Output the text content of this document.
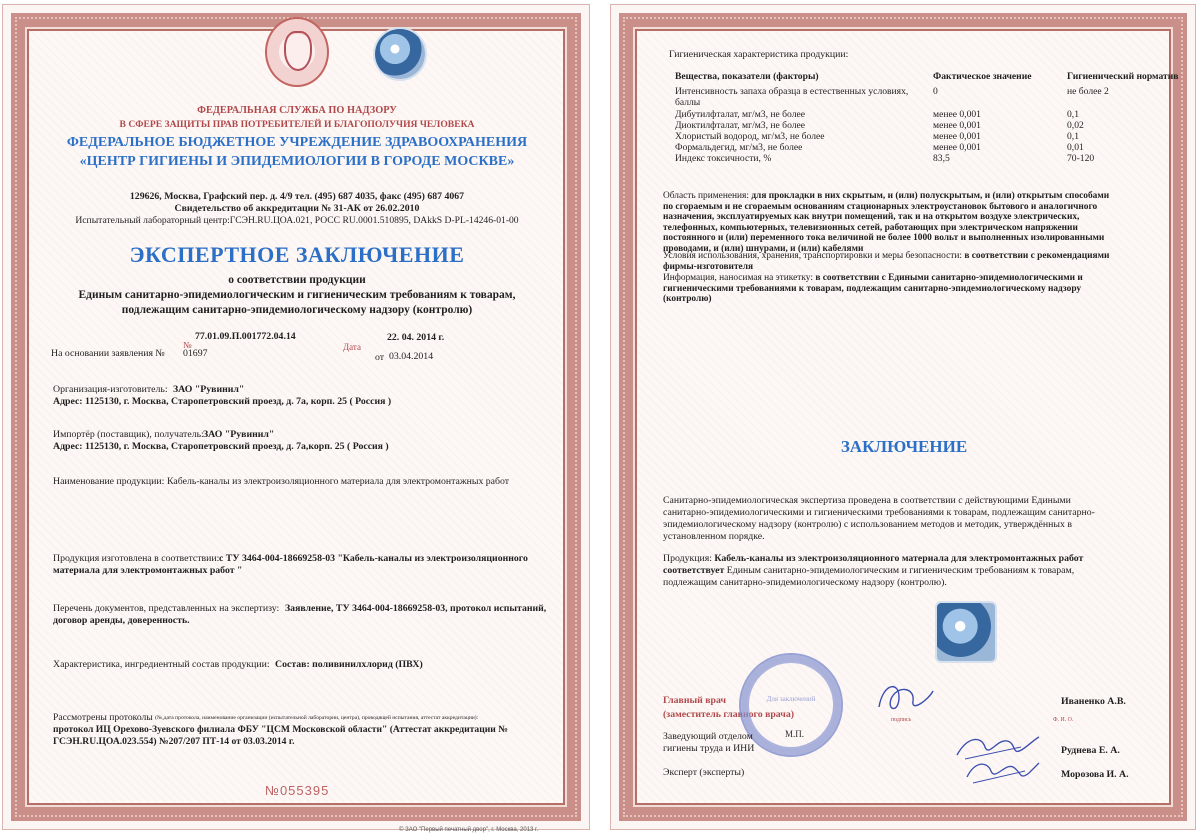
ФЕДЕРАЛЬНАЯ СЛУЖБА ПО НАДЗОРУ
В СФЕРЕ ЗАЩИТЫ ПРАВ ПОТРЕБИТЕЛЕЙ И БЛАГОПОЛУЧИЯ ЧЕЛОВЕКА
ФЕДЕРАЛЬНОЕ БЮДЖЕТНОЕ УЧРЕЖДЕНИЕ ЗДРАВООХРАНЕНИЯ
«ЦЕНТР ГИГИЕНЫ И ЭПИДЕМИОЛОГИИ В ГОРОДЕ МОСКВЕ»
129626, Москва, Графский пер. д. 4/9 тел. (495) 687 4035, факс (495) 687 4067
Свидетельство об аккредитации № 31-АК от 26.02.2010
Испытательный лабораторный центр:ГСЭН.RU.ЦОА.021, РОСС RU.0001.510895, DAkkS D-PL-14246-01-00
ЭКСПЕРТНОЕ ЗАКЛЮЧЕНИЕ
о соответствии продукции
Единым санитарно-эпидемиологическим и гигиеническим требованиям к товарам,
подлежащим санитарно-эпидемиологическому надзору (контролю)
№
77.01.09.П.001772.04.14
Дата
22. 04. 2014 г.
На основании заявления № 01697	от 03.04.2014
Организация-изготовитель: ЗАО "Рувинил"
Адрес: 1125130, г. Москва, Старопетровский проезд, д. 7а, корп. 25 ( Россия )
Импортёр (поставщик), получатель: ЗАО "Рувинил"
Адрес: 1125130, г. Москва, Старопетровский проезд, д. 7а,корп. 25 ( Россия )
Наименование продукции: Кабель-каналы из электроизоляционного материала для электромонтажных работ
Продукция изготовлена в соответствии: с ТУ 3464-004-18669258-03 "Кабель-каналы из электроизоляционного
материала для электромонтажных работ "
Перечень документов, представленных на экспертизу: Заявление, ТУ 3464-004-18669258-03, протокол испытаний,
договор аренды, доверенность.
Характеристика, ингредиентный состав продукции: Состав: поливинилхлорид (ПВХ)
Рассмотрены протоколы (№,дата протокола, наименование организации (испытательной лаборатории, центра), проводящей испытания, аттестат аккредитации):
протокол ИЦ Орехово-Зуевского филиала ФБУ "ЦСМ Московской области" (Аттестат аккредитации №
ГСЭН.RU.ЦОА.023.554) №207/207 ПТ-14 от 03.03.2014 г.
№055395
© ЗАО "Первый печатный двор", г. Москва, 2013 г.
Гигиеническая характеристика продукции:
Вещества, показатели (факторы)	Фактическое значение	Гигиенический норматив
Интенсивность запаха образца в естественных условиях,
баллы
0	не более 2
Дибутилфталат, мг/м3, не более	менее 0,001	0,1
Диоктилфталат, мг/м3, не более	менее 0,001	0,02
Хлористый водород, мг/м3, не более	менее 0,001	0,1
Формальдегид, мг/м3, не более	менее 0,001	0,01
Индекс токсичности, %	83,5	70-120
Область применения: для прокладки в них скрытым, и (или) полускрытым, и (или) открытым способами
по сгораемым и не сгораемым основаниям стационарных электроустановок бытового и аналогичного
назначения, эксплуатируемых как внутри помещений, так и на открытом воздухе электрических,
телефонных, компьютерных, телевизионных сетей, работающих при электрическом напряжении
постоянного и (или) переменного тока величиной не более 1000 вольт и выполненных изолированными
проводами, и (или) шнурами, и (или) кабелями
Условия использования, хранения, транспортировки и меры безопасности: в соответствии с рекомендациями
фирмы-изготовителя
Информация, наносимая на этикетку: в соответствии с Едиными санитарно-эпидемиологическими и
гигиеническими требованиями к товарам, подлежащим санитарно-эпидемиологическому надзору
(контролю)
ЗАКЛЮЧЕНИЕ
Санитарно-эпидемиологическая экспертиза проведена в соответствии с действующими Едиными
санитарно-эпидемиологическими и гигиеническими требованиями к товарам, подлежащим санитарно-
эпидемиологическому надзору (контролю) с использованием методов и методик, утверждённых в
установленном порядке.
Продукция: Кабель-каналы из электроизоляционного материала для электромонтажных работ
соответствует Единым санитарно-эпидемиологическим и гигиеническим требованиям к товарам,
подлежащим санитарно-эпидемиологическому надзору (контролю).
Главный врач
(заместитель главного врача)
Иваненко А.В.
Ф. И. О.
подпись
Для заключений
М.П.
Заведующий отделом
гигиены труда и ИНИ	Руднева Е. А.
Эксперт (эксперты)	Морозова И. А.
